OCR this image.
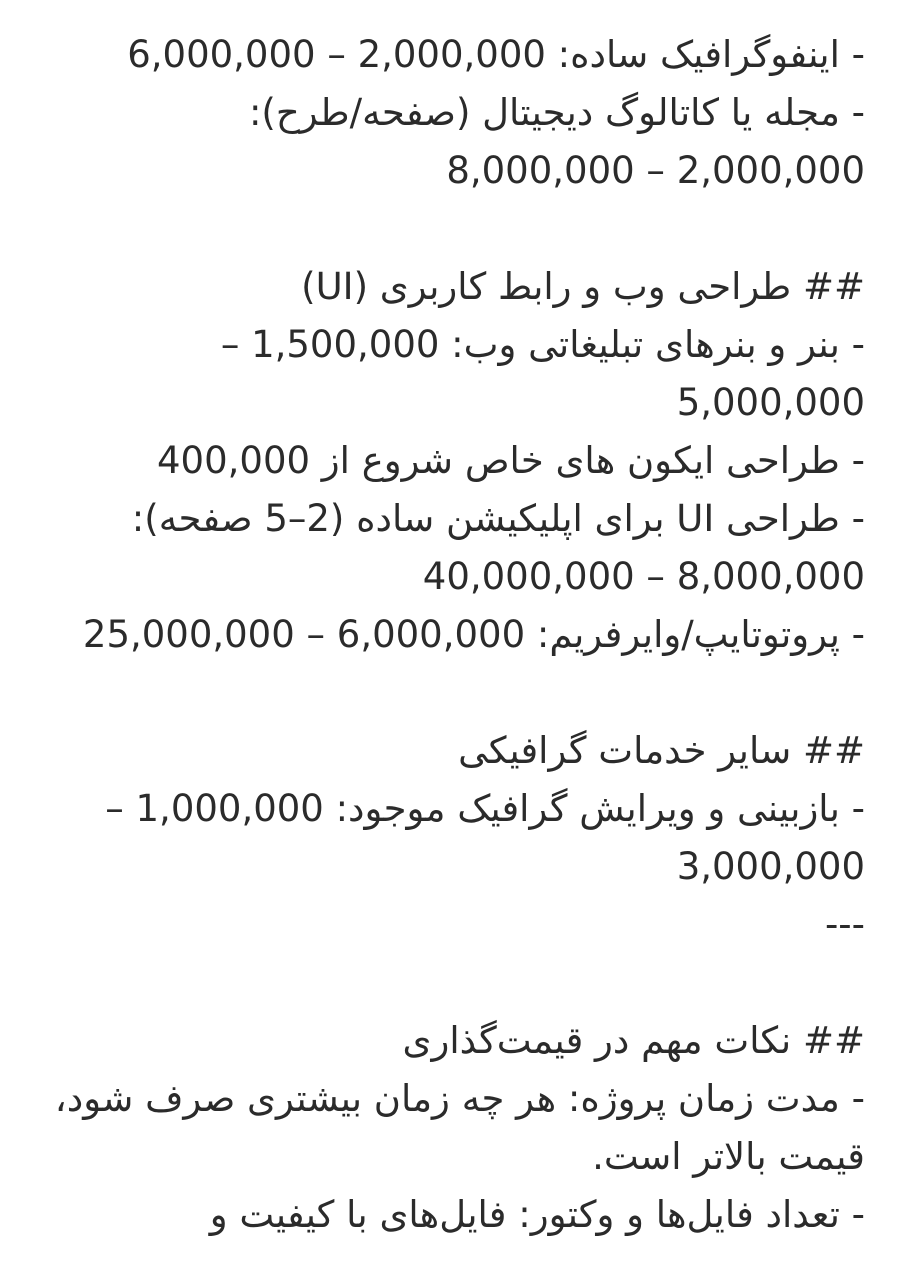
- اینفوگرافیک ساده: 2,000,000 – 6,000,000
- مجله یا کاتالوگ دیجیتال (صفحه/طرح):
2,000,000 – 8,000,000
## طراحی وب و رابط کاربری (UI)
- بنر و بنرهای تبلیغاتی وب: 1,500,000 –
5,000,000
- طراحی ایکون های خاص شروع از 400,000
- طراحی UI برای اپلیکیشن ساده (2–5 صفحه):
8,000,000 – 40,000,000
- پروتوتایپ/وایرفریم: 6,000,000 – 25,000,000
## سایر خدمات گرافیکی
- بازبینی و ویرایش گرافیک موجود: 1,000,000 –
3,000,000
---
## نکات مهم در قیمت‌گذاری
- مدت زمان پروژه: هر چه زمان بیشتری صرف شود،
قیمت بالاتر است.
- تعداد فایل‌ها و وکتور: فایل‌های با کیفیت و
